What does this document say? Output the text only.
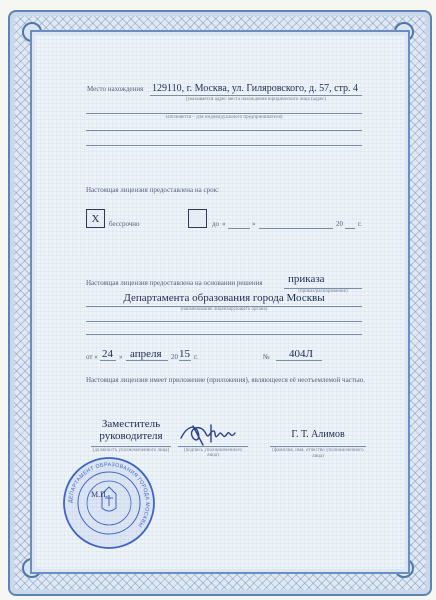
Место нахождения 129110, г. Москва, ул. Гиляровского, д. 57, стр. 4
(указывается адрес места нахождения юридического лица (адрес)
заполняется – для индивидуального предпринимателя)
Настоящая лицензия предоставлена на срок:
X бессрочно	до «	»	20 г.
Настоящая лицензия предоставлена на основании решения приказа
(приказ/распоряжение)
Департамента образования города Москвы
(наименование лицензирующего органа)
от « 24 » апреля 20 15 г.	№ 404Л
Настоящая лицензия имеет приложение (приложения), являющееся её неотъемлемой частью.
Заместитель
руководителя
(должность уполномоченного лица)	(подпись уполномоченного лица)
Г. Т. Алимов
(фамилия, имя, отчество уполномоченного лица)
ДЕПАРТАМЕНТ ОБРАЗОВАНИЯ ГОРОДА МОСКВЫ
М.П.
